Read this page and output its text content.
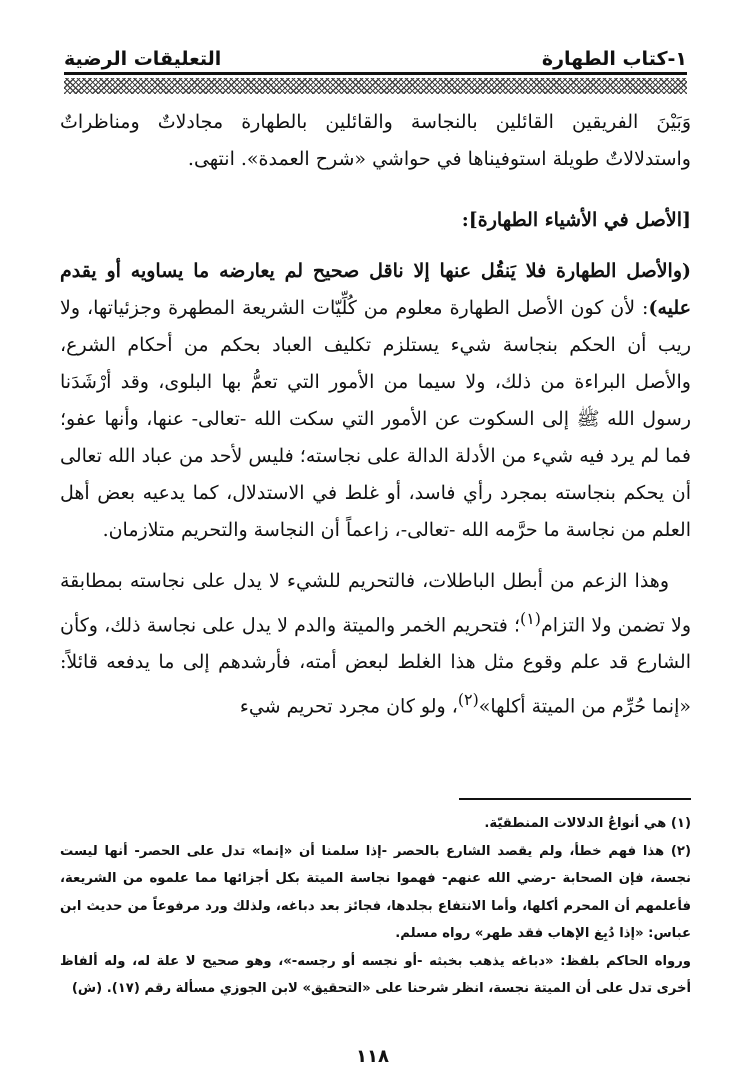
١-كتاب الطهارة
التعليقات الرضية

وَبَيْنَ الفريقين القائلين بالنجاسة والقائلين بالطهارة مجادلاتٌ ومناظراتٌ واستدلالاتٌ طويلة استوفيناها في حواشي «شرح العمدة». انتهى.

[الأصل في الأشياء الطهارة]:

(والأصل الطهارة فلا يَنقُل عنها إلا ناقل صحيح لم يعارضه ما يساويه أو يقدم عليه): لأن كون الأصل الطهارة معلوم من كُلِّيّات الشريعة المطهرة وجزئياتها، ولا ريب أن الحكم بنجاسة شيء يستلزم تكليف العباد بحكم من أحكام الشرع، والأصل البراءة من ذلك، ولا سيما من الأمور التي تعمُّ بها البلوى، وقد أرْشَدَنا رسول الله ﷺ إلى السكوت عن الأمور التي سكت الله -تعالى- عنها، وأنها عفو؛ فما لم يرد فيه شيء من الأدلة الدالة على نجاسته؛ فليس لأحد من عباد الله تعالى أن يحكم بنجاسته بمجرد رأي فاسد، أو غلط في الاستدلال، كما يدعيه بعض أهل العلم من نجاسة ما حرَّمه الله -تعالى-، زاعماً أن النجاسة والتحريم متلازمان.

وهذا الزعم من أبطل الباطلات، فالتحريم للشيء لا يدل على نجاسته بمطابقة ولا تضمن ولا التزام$^{(١)}$؛ فتحريم الخمر والميتة والدم لا يدل على نجاسة ذلك، وكأن الشارع قد علم وقوع مثل هذا الغلط لبعض أمته، فأرشدهم إلى ما يدفعه قائلاً: «إنما حُرِّم من الميتة أكلها»$^{(٢)}$، ولو كان مجرد تحريم شيء

(١) هي أنواعُ الدلالات المنطقيّة.

(٢) هذا فهم خطأ، ولم يقصد الشارع بالحصر -إذا سلمنا أن «إنما» تدل على الحصر- أنها ليست نجسة، فإن الصحابة -رضي الله عنهم- فهموا نجاسة الميتة بكل أجزائها مما علموه من الشريعة، فأعلمهم أن المحرم أكلها، وأما الانتفاع بجلدها، فجائز بعد دباغه، ولذلك ورد مرفوعاً من حديث ابن عباس: «إذا دُبِغ الإهاب فقد طهر» رواه مسلم.

ورواه الحاكم بلفظ: «دباغه يذهب بخبثه -أو نجسه أو رجسه-»، وهو صحيح لا علة له، وله ألفاظ أخرى تدل على أن الميتة نجسة، انظر شرحنا على «التحقيق» لابن الجوزي مسألة رقم (١٧). (ش)

١١٨
